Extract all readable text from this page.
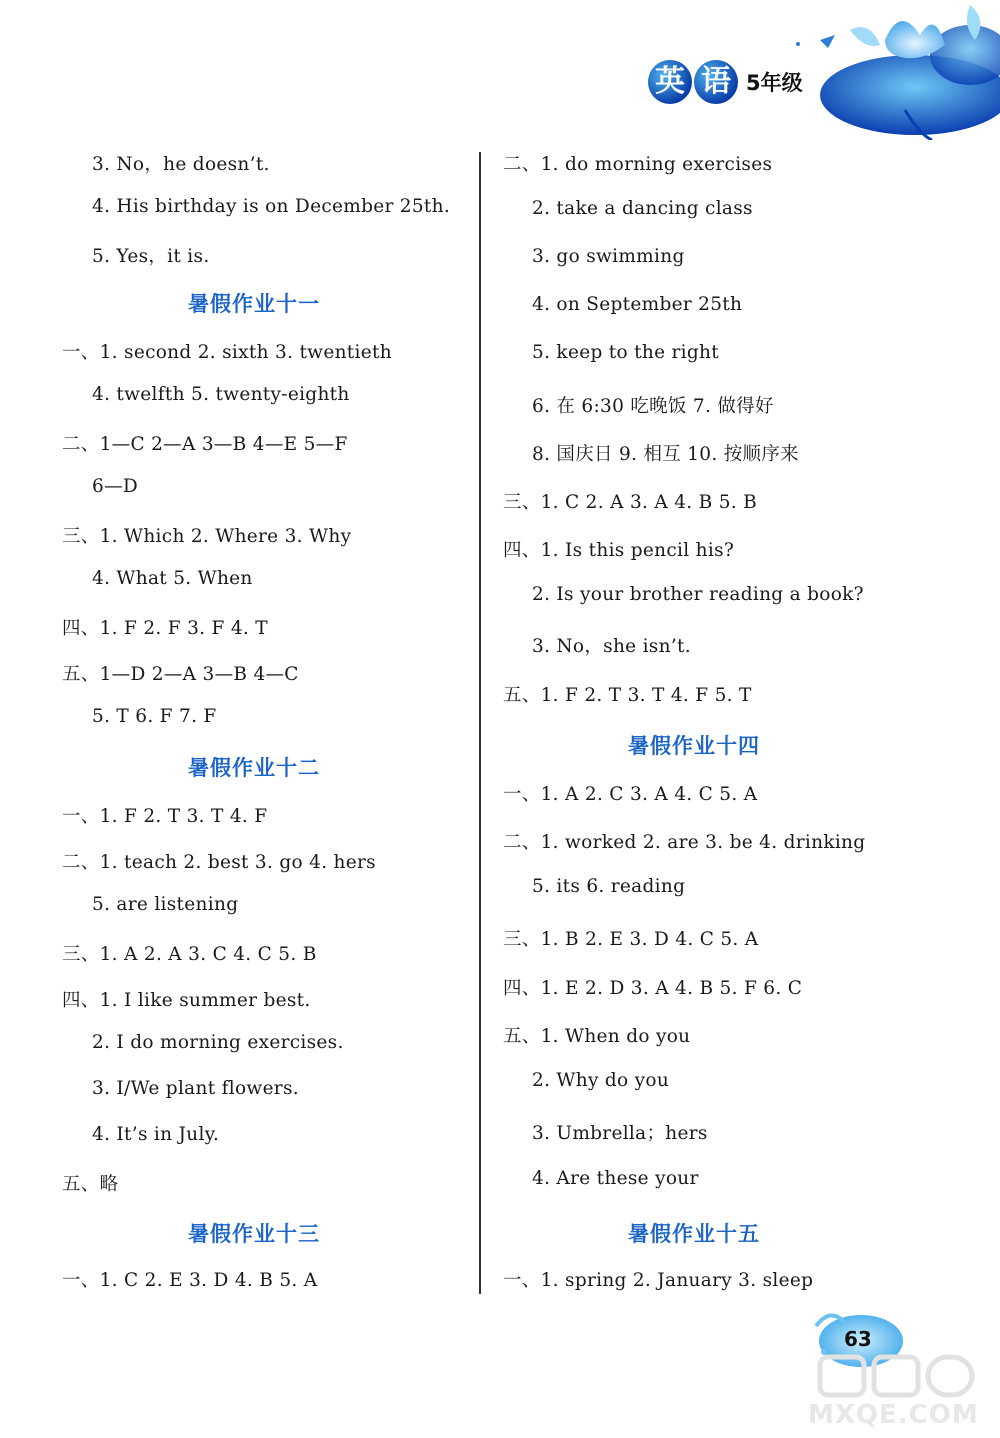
英 语 5年级
3. No，he doesn’t.
4. His birthday is on December 25th.
5. Yes，it is.
暑假作业十一
一、1. second 2. sixth 3. twentieth
4. twelfth 5. twenty-eighth
二、1—C 2—A 3—B 4—E 5—F
6—D
三、1. Which 2. Where 3. Why
4. What 5. When
四、1. F 2. F 3. F 4. T
五、1—D 2—A 3—B 4—C
5. T 6. F 7. F
暑假作业十二
一、1. F 2. T 3. T 4. F
二、1. teach 2. best 3. go 4. hers
5. are listening
三、1. A 2. A 3. C 4. C 5. B
四、1. I like summer best.
2. I do morning exercises.
3. I/We plant flowers.
4. It’s in July.
五、略
暑假作业十三
一、1. C 2. E 3. D 4. B 5. A
二、1. do morning exercises
2. take a dancing class
3. go swimming
4. on September 25th
5. keep to the right
6. 在 6:30 吃晚饭 7. 做得好
8. 国庆日 9. 相互 10. 按顺序来
三、1. C 2. A 3. A 4. B 5. B
四、1. Is this pencil his?
2. Is your brother reading a book?
3. No，she isn’t.
五、1. F 2. T 3. T 4. F 5. T
暑假作业十四
一、1. A 2. C 3. A 4. C 5. A
二、1. worked 2. are 3. be 4. drinking
5. its 6. reading
三、1. B 2. E 3. D 4. C 5. A
四、1. E 2. D 3. A 4. B 5. F 6. C
五、1. When do you
2. Why do you
3. Umbrella；hers
4. Are these your
暑假作业十五
一、1. spring 2. January 3. sleep
63
MXQE.COM
